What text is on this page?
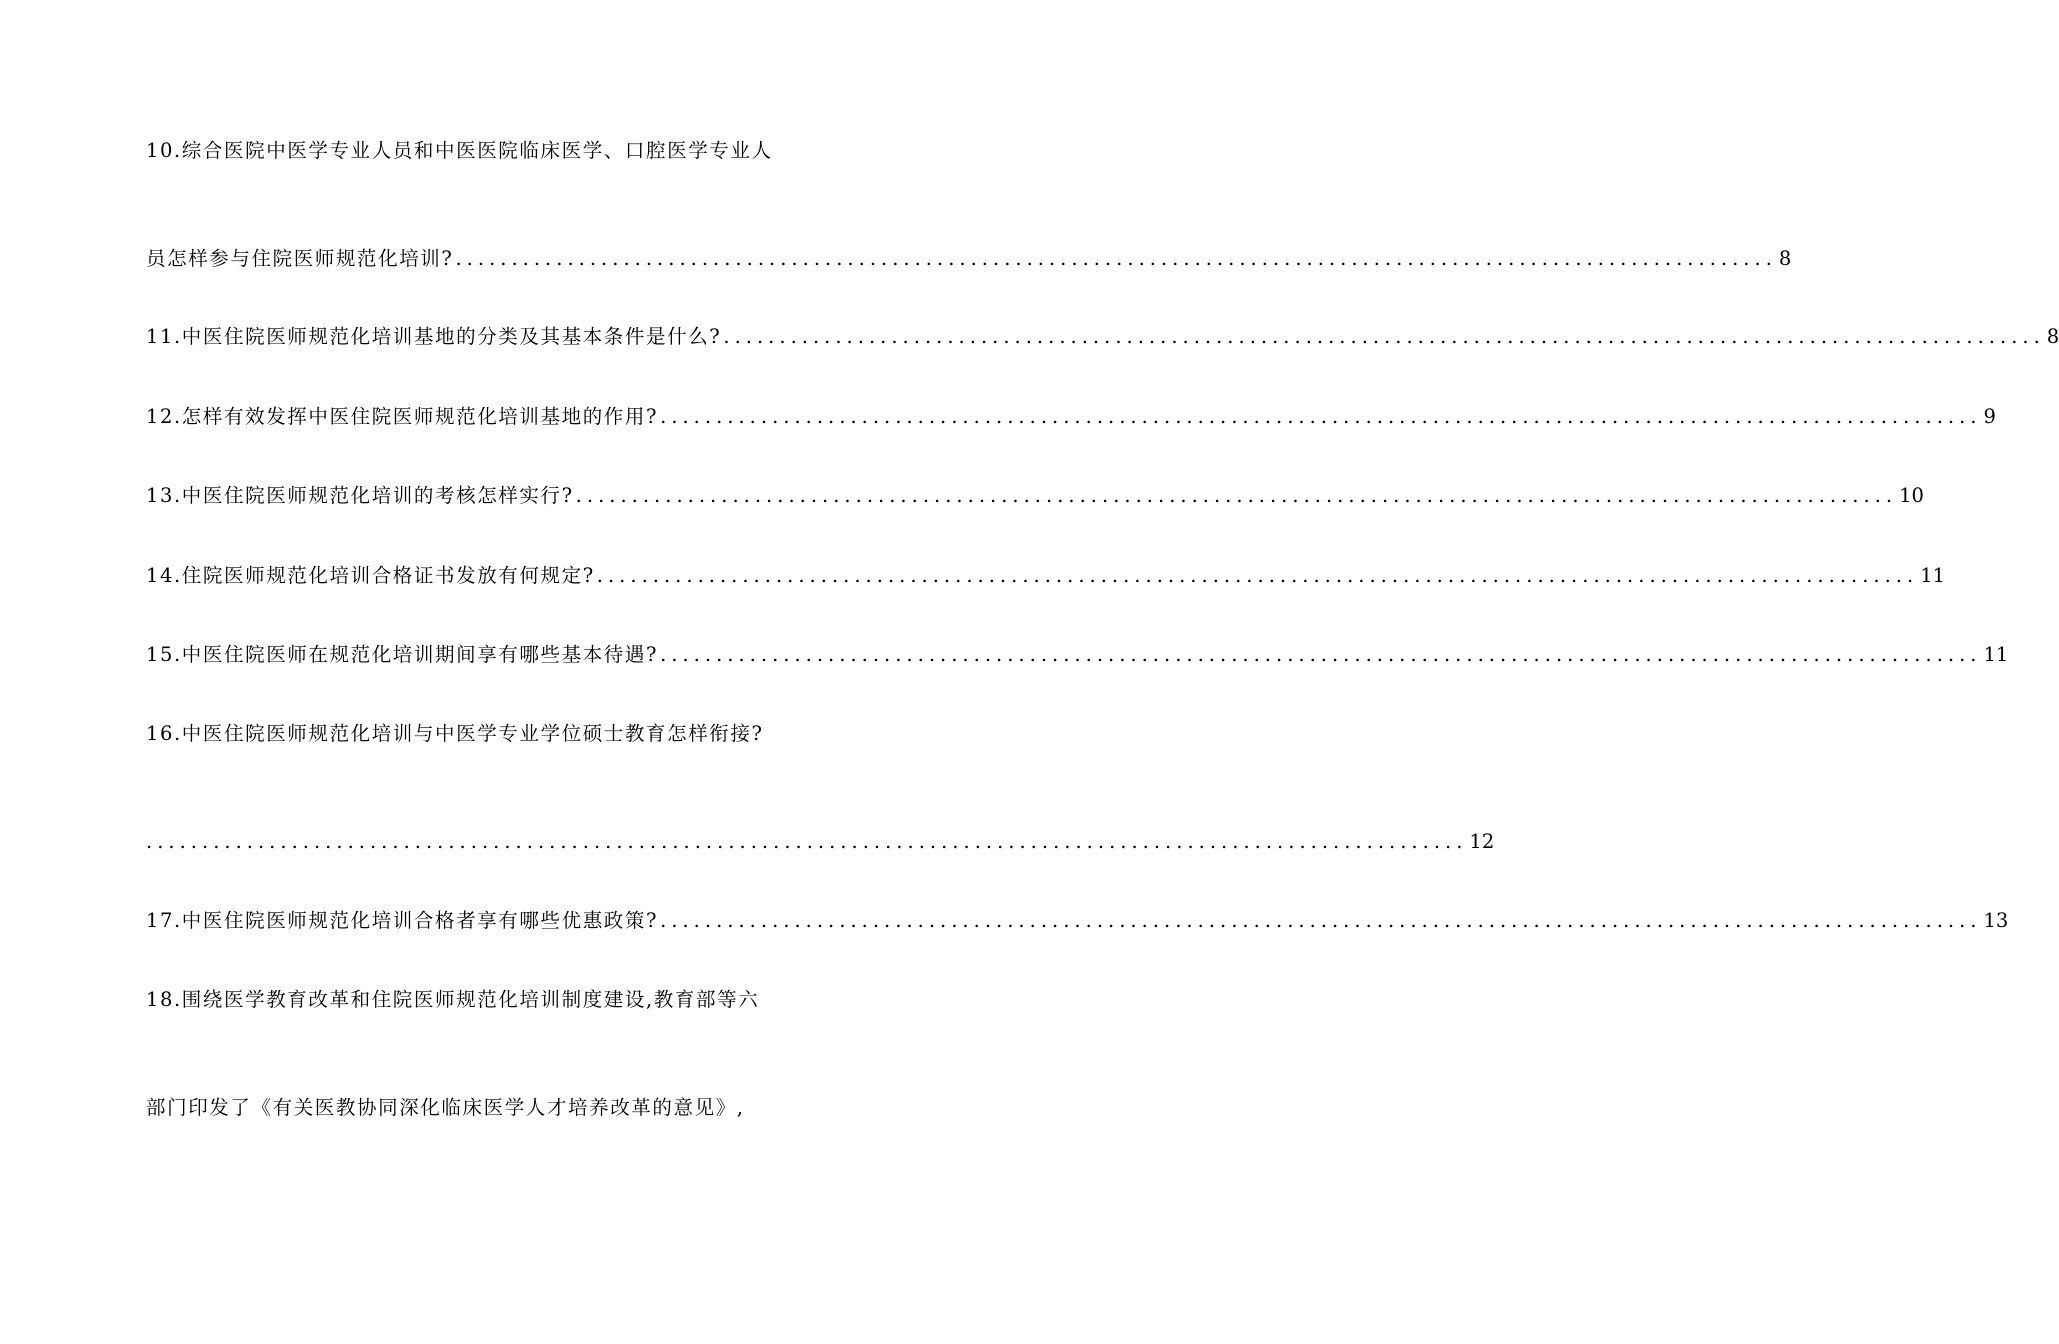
10.综合医院中医学专业人员和中医医院临床医学、口腔医学专业人
员怎样参与住院医师规范化培训? ...................................................................................................................... 8
11.中医住院医师规范化培训基地的分类及其基本条件是什么? ...................................................................................................................... 8
12.怎样有效发挥中医住院医师规范化培训基地的作用? ...................................................................................................................... 9
13.中医住院医师规范化培训的考核怎样实行? ...................................................................................................................... 10
14.住院医师规范化培训合格证书发放有何规定? ...................................................................................................................... 11
15.中医住院医师在规范化培训期间享有哪些基本待遇? ...................................................................................................................... 11
16.中医住院医师规范化培训与中医学专业学位硕士教育怎样衔接?
...................................................................................................................... 12
17.中医住院医师规范化培训合格者享有哪些优惠政策? ...................................................................................................................... 13
18.围绕医学教育改革和住院医师规范化培训制度建设,教育部等六
部门印发了《有关医教协同深化临床医学人才培养改革的意见》,
